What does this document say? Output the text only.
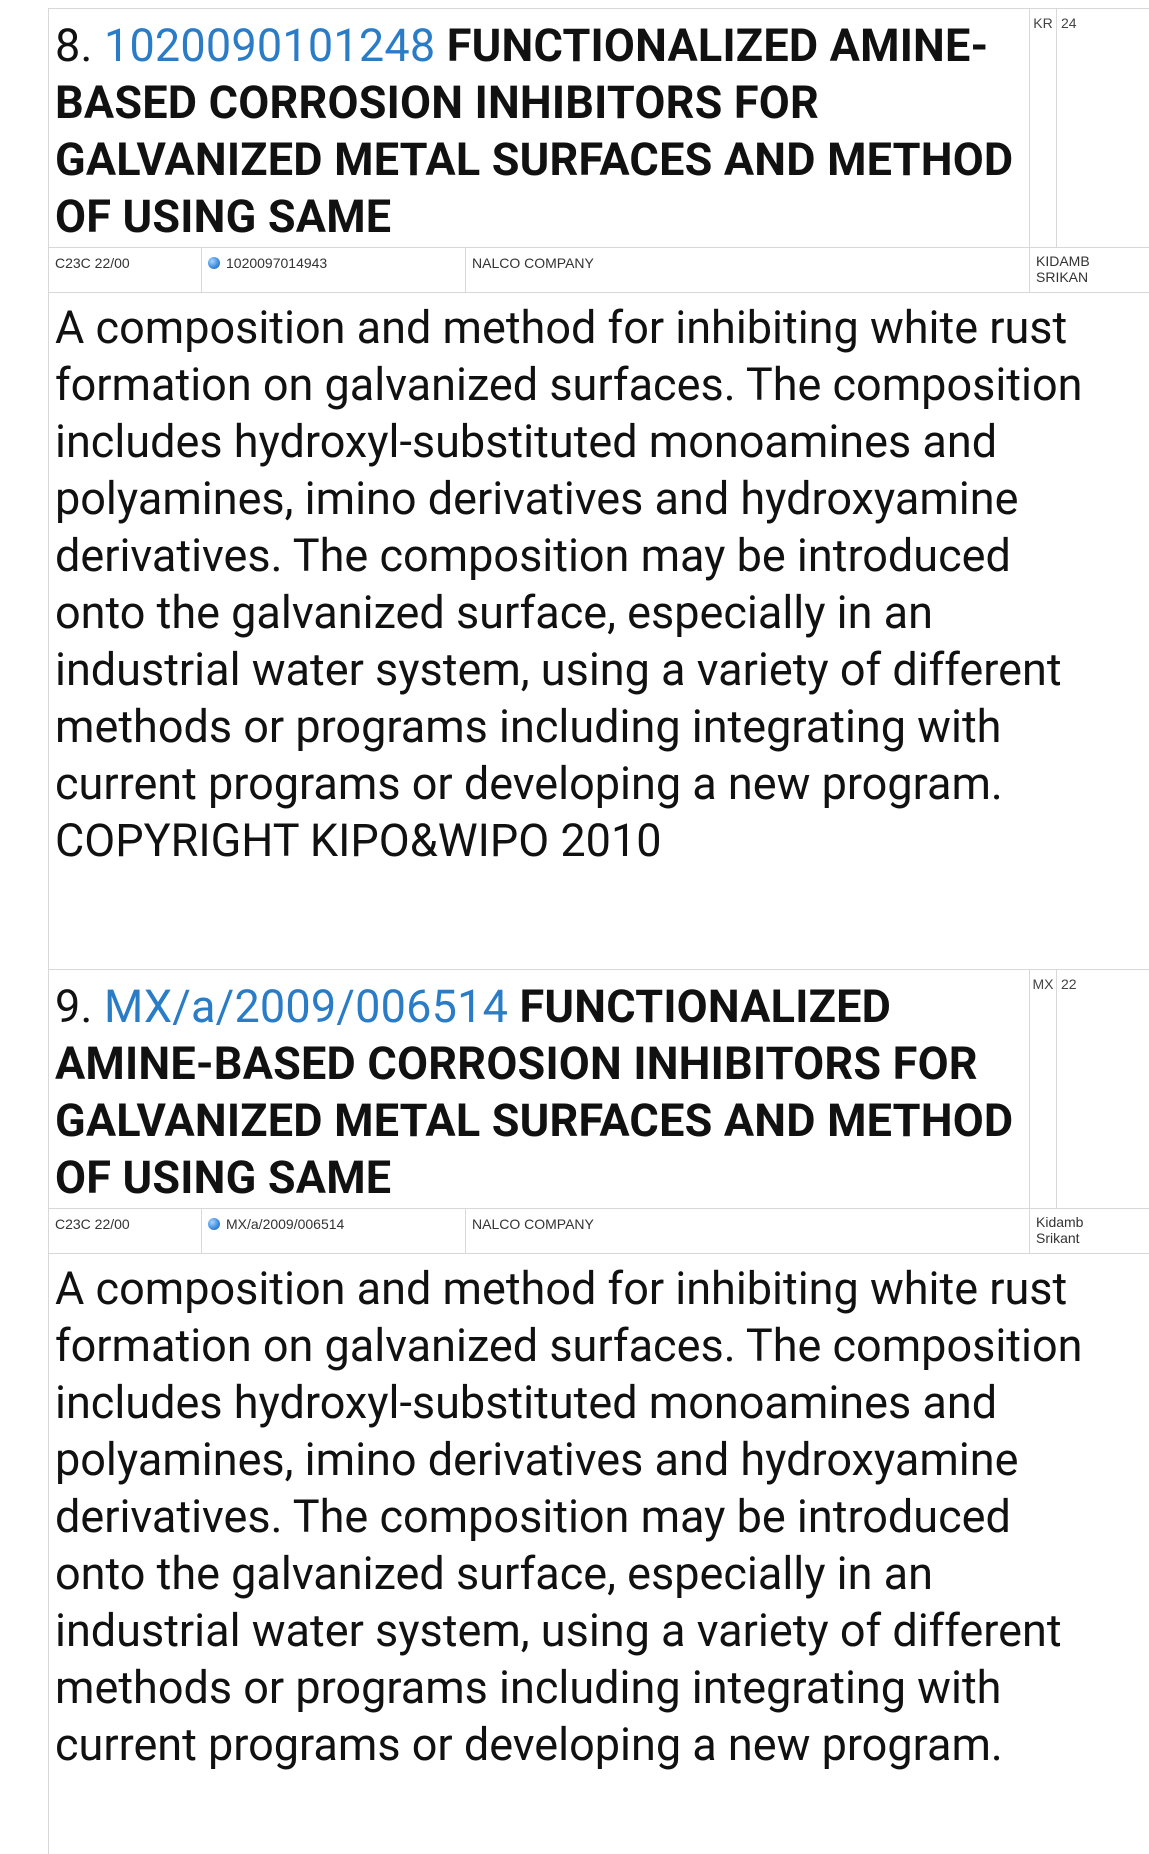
8. 1020090101248 FUNCTIONALIZED AMINE-BASED CORROSION INHIBITORS FOR GALVANIZED METAL SURFACES AND METHOD OF USING SAME
KR 24
C23C 22/00	1020097014943	NALCO COMPANY	KIDAMB
SRIKAN

A composition and method for inhibiting white rust formation on galvanized surfaces. The composition includes hydroxyl-substituted monoamines and polyamines, imino derivatives and hydroxyamine derivatives. The composition may be introduced onto the galvanized surface, especially in an industrial water system, using a variety of different methods or programs including integrating with current programs or developing a new program. COPYRIGHT KIPO&WIPO 2010

9. MX/a/2009/006514 FUNCTIONALIZED AMINE-BASED CORROSION INHIBITORS FOR GALVANIZED METAL SURFACES AND METHOD OF USING SAME
MX 22
C23C 22/00	MX/a/2009/006514	NALCO COMPANY	Kidamb
Srikant

A composition and method for inhibiting white rust formation on galvanized surfaces. The composition includes hydroxyl-substituted monoamines and polyamines, imino derivatives and hydroxyamine derivatives. The composition may be introduced onto the galvanized surface, especially in an industrial water system, using a variety of different methods or programs including integrating with current programs or developing a new program.
